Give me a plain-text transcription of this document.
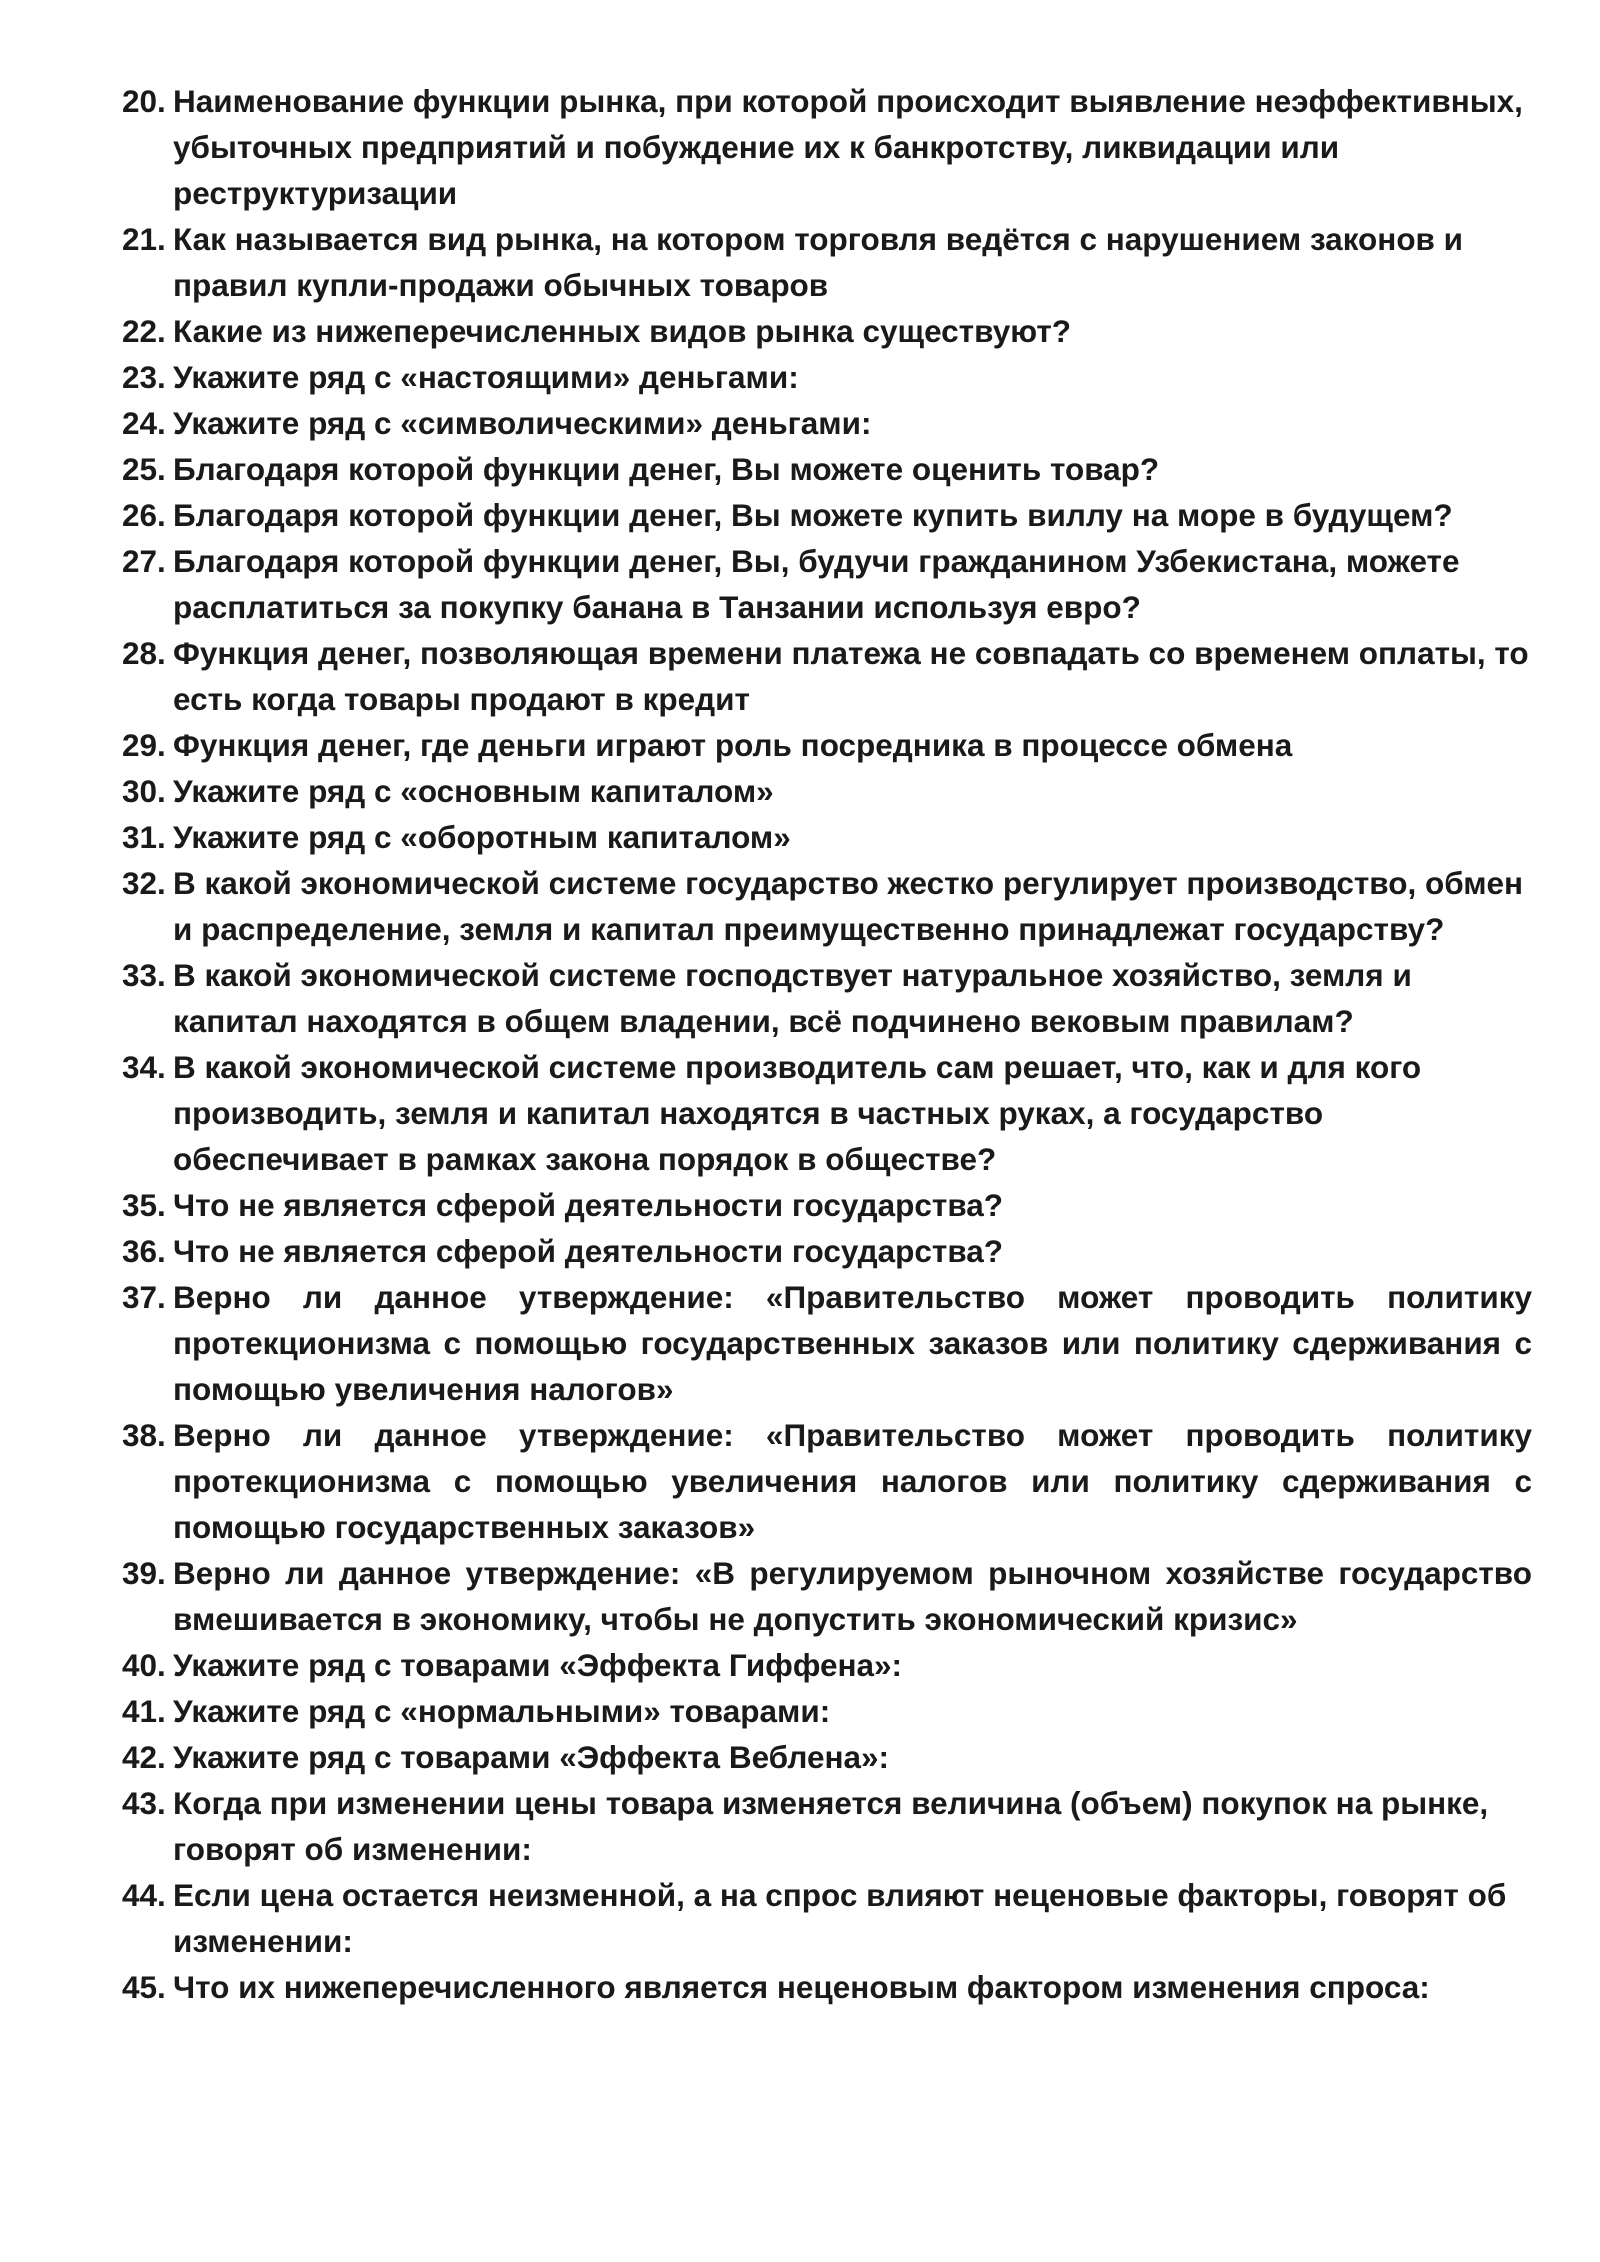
20. Наименование функции рынка, при которой происходит выявление неэффективных, убыточных предприятий и побуждение их к банкротству, ликвидации или реструктуризации
21. Как называется вид рынка, на котором торговля ведётся с нарушением законов и правил купли-продажи обычных товаров
22. Какие из нижеперечисленных видов рынка существуют?
23. Укажите ряд с «настоящими» деньгами:
24. Укажите ряд с «символическими» деньгами:
25. Благодаря которой функции денег, Вы можете оценить товар?
26. Благодаря которой функции денег, Вы можете купить виллу на море в будущем?
27. Благодаря которой функции денег, Вы, будучи гражданином Узбекистана, можете расплатиться за покупку банана в Танзании используя евро?
28. Функция денег, позволяющая времени платежа не совпадать со временем оплаты, то есть когда товары продают в кредит
29. Функция денег, где деньги играют роль посредника в процессе обмена
30. Укажите ряд с «основным капиталом»
31. Укажите ряд с «оборотным капиталом»
32. В какой экономической системе государство жестко регулирует производство, обмен и распределение, земля и капитал преимущественно принадлежат государству?
33. В какой экономической системе господствует натуральное хозяйство, земля и капитал находятся в общем владении, всё подчинено вековым правилам?
34. В какой экономической системе производитель сам решает, что, как и для кого производить, земля и капитал находятся в частных руках, а государство обеспечивает в рамках закона порядок в обществе?
35. Что не является сферой деятельности государства?
36. Что не является сферой деятельности государства?
37. Верно ли данное утверждение: «Правительство может проводить политику протекционизма с помощью государственных заказов или политику сдерживания с помощью увеличения налогов»
38. Верно ли данное утверждение: «Правительство может проводить политику протекционизма с помощью увеличения налогов или политику сдерживания с помощью государственных заказов»
39. Верно ли данное утверждение: «В регулируемом рыночном хозяйстве государство вмешивается в экономику, чтобы не допустить экономический кризис»
40. Укажите ряд с товарами «Эффекта Гиффена»:
41. Укажите ряд с «нормальными» товарами:
42. Укажите ряд с товарами «Эффекта Веблена»:
43. Когда при изменении цены товара изменяется величина (объем) покупок на рынке, говорят об изменении:
44. Если цена остается неизменной, а на спрос влияют неценовые факторы, говорят об изменении:
45. Что их нижеперечисленного является неценовым фактором изменения спроса:
